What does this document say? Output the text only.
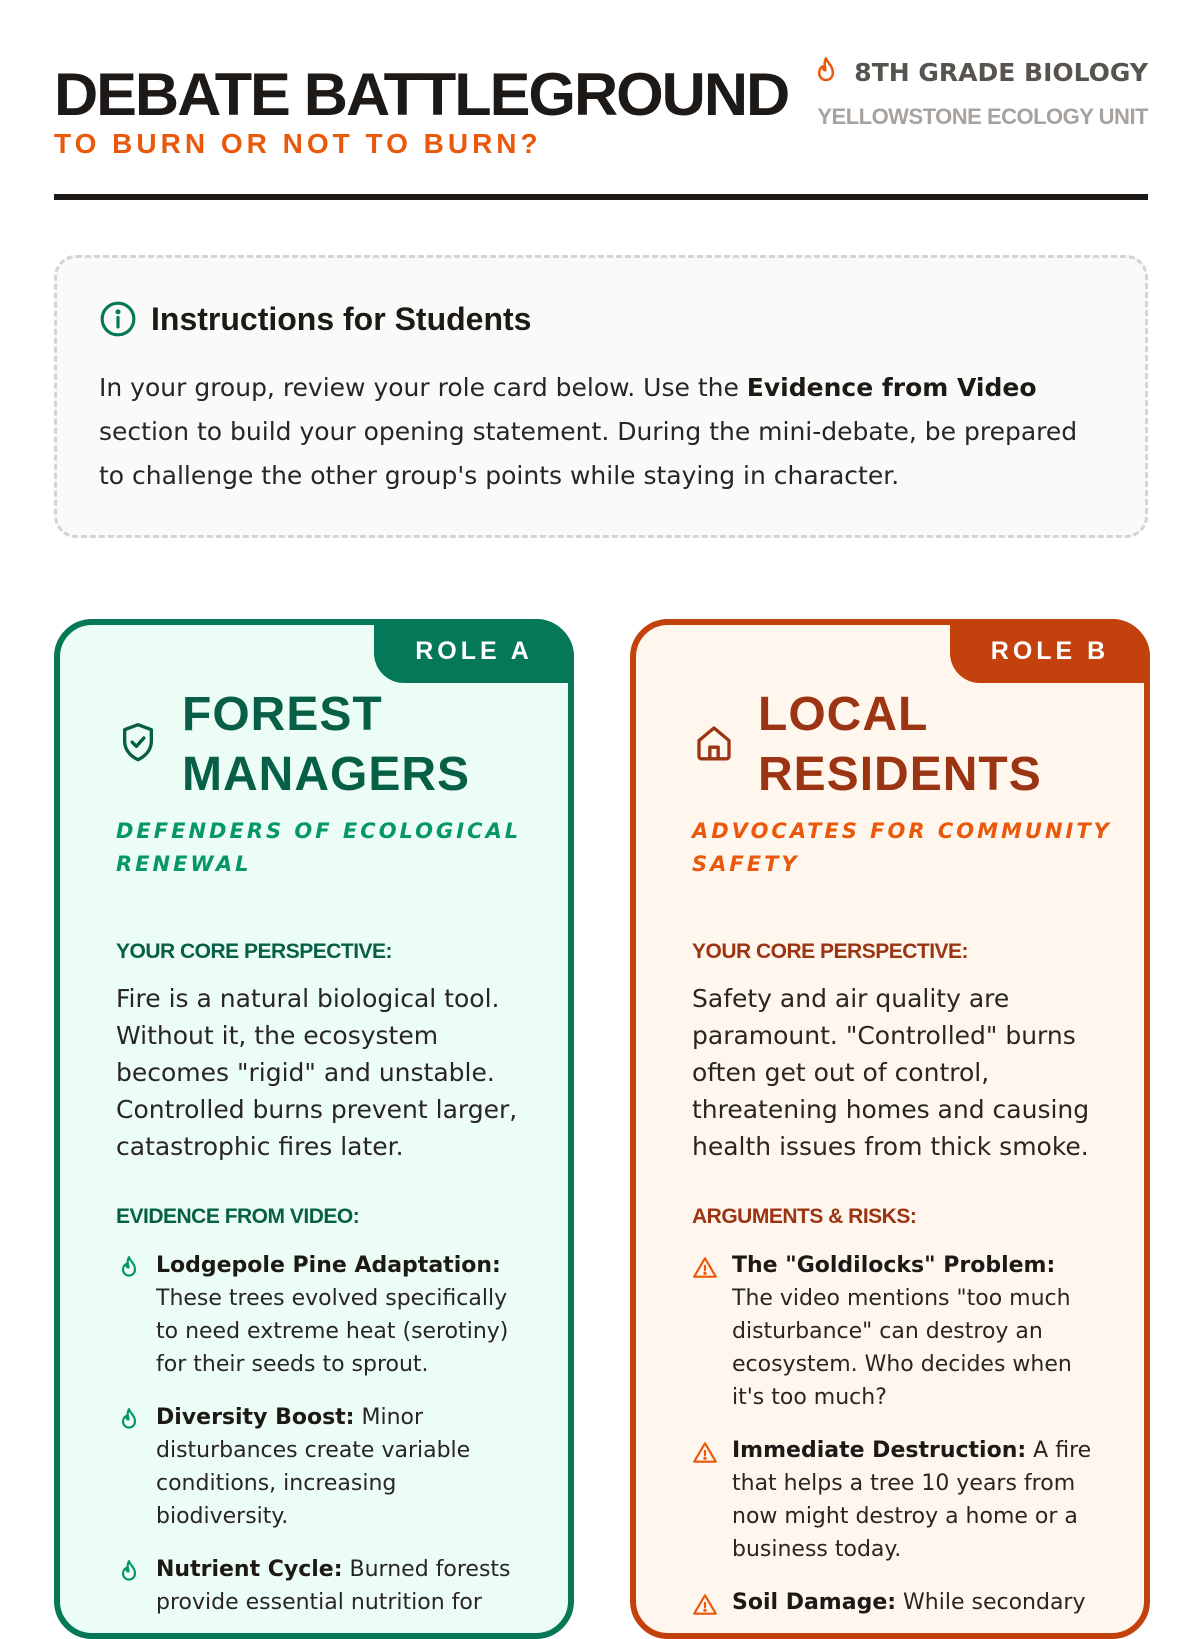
DEBATE BATTLEGROUND
TO BURN OR NOT TO BURN?
8TH GRADE BIOLOGY
YELLOWSTONE ECOLOGY UNIT
Instructions for Students

In your group, review your role card below. Use the Evidence from Video section to build your opening statement. During the mini-debate, be prepared to challenge the other group's points while staying in character.

ROLE A
FOREST
MANAGERS
DEFENDERS OF ECOLOGICAL RENEWAL
YOUR CORE PERSPECTIVE:

Fire is a natural biological tool. Without it, the ecosystem becomes "rigid" and unstable. Controlled burns prevent larger, catastrophic fires later.

EVIDENCE FROM VIDEO:
Lodgepole Pine Adaptation: These trees evolved specifically to need extreme heat (serotiny) for their seeds to sprout.
Diversity Boost: Minor disturbances create variable conditions, increasing biodiversity.
Nutrient Cycle: Burned forests provide essential nutrition for
ROLE B
LOCAL
RESIDENTS
ADVOCATES FOR COMMUNITY SAFETY
YOUR CORE PERSPECTIVE:

Safety and air quality are paramount. "Controlled" burns often get out of control, threatening homes and causing health issues from thick smoke.

ARGUMENTS & RISKS:
The "Goldilocks" Problem: The video mentions "too much disturbance" can destroy an ecosystem. Who decides when it's too much?
Immediate Destruction: A fire that helps a tree 10 years from now might destroy a home or a business today.
Soil Damage: While secondary
